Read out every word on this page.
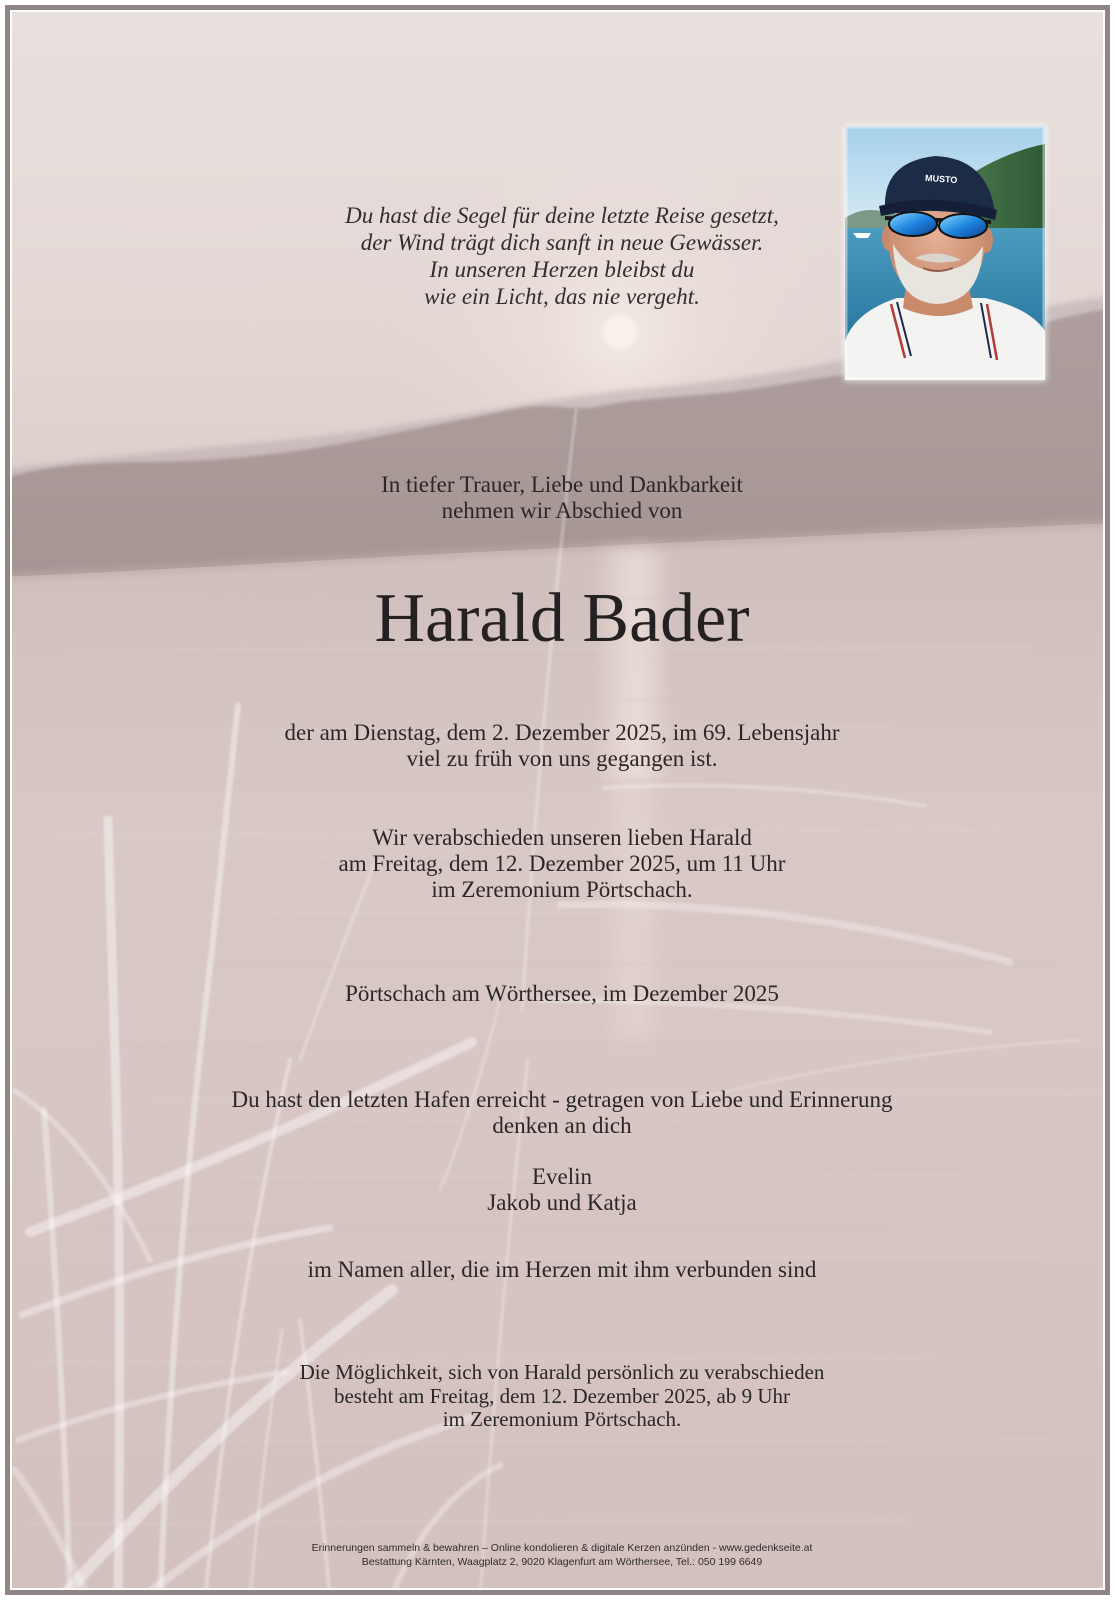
MUSTO
Du hast die Segel für deine letzte Reise gesetzt,
der Wind trägt dich sanft in neue Gewässer.
In unseren Herzen bleibst du
wie ein Licht, das nie vergeht.
In tiefer Trauer, Liebe und Dankbarkeit
nehmen wir Abschied von
Harald Bader
der am Dienstag, dem 2. Dezember 2025, im 69. Lebensjahr
viel zu früh von uns gegangen ist.
Wir verabschieden unseren lieben Harald
am Freitag, dem 12. Dezember 2025, um 11 Uhr
im Zeremonium Pörtschach.
Pörtschach am Wörthersee, im Dezember 2025
Du hast den letzten Hafen erreicht - getragen von Liebe und Erinnerung
denken an dich
Evelin
Jakob und Katja
im Namen aller, die im Herzen mit ihm verbunden sind
Die Möglichkeit, sich von Harald persönlich zu verabschieden
besteht am Freitag, dem 12. Dezember 2025, ab 9 Uhr
im Zeremonium Pörtschach.
Erinnerungen sammeln & bewahren – Online kondolieren & digitale Kerzen anzünden - www.gedenkseite.at
Bestattung Kärnten, Waagplatz 2, 9020 Klagenfurt am Wörthersee, Tel.: 050 199 6649
